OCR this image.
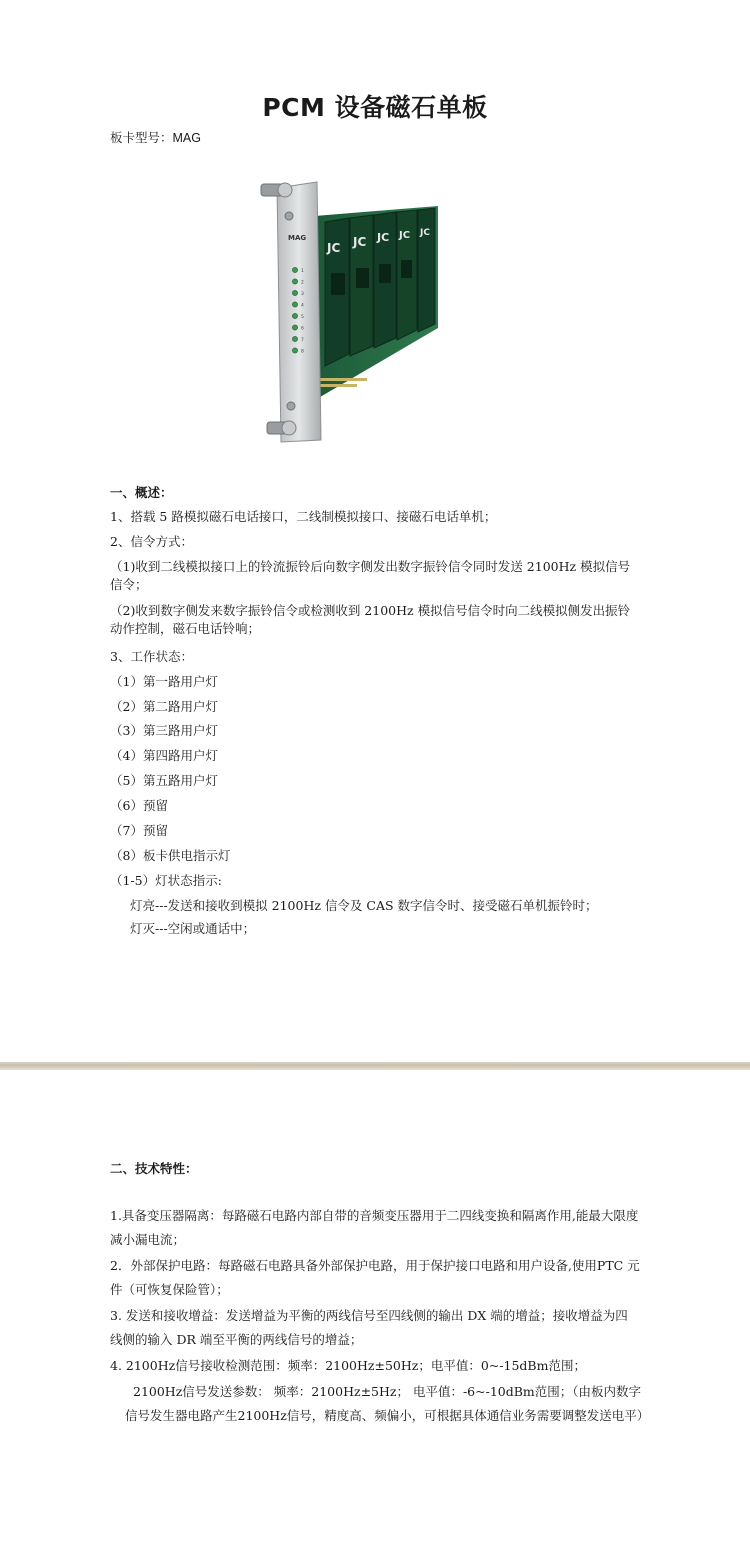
PCM 设备磁石单板
板卡型号：MAG
JC JC JC JC JC
MAG
1
2
3
4
5
6
7
8
一、概述：
1、搭载 5 路模拟磁石电话接口，二线制模拟接口、接磁石电话单机；
2、信令方式：
（1)收到二线模拟接口上的铃流振铃后向数字侧发出数字振铃信令同时发送 2100Hz 模拟信号信令；
（2)收到数字侧发来数字振铃信令或检测收到 2100Hz 模拟信号信令时向二线模拟侧发出振铃动作控制，磁石电话铃响；
3、工作状态：
（1）第一路用户灯
（2）第二路用户灯
（3）第三路用户灯
（4）第四路用户灯
（5）第五路用户灯
（6）预留
（7）预留
（8）板卡供电指示灯
（1-5）灯状态指示:
灯亮---发送和接收到模拟 2100Hz 信令及 CAS 数字信令时、接受磁石单机振铃时；
灯灭---空闲或通话中；
二、技术特性：
1.具备变压器隔离：每路磁石电路内部自带的音频变压器用于二四线变换和隔离作用,能最大限度减小漏电流；
2．外部保护电路：每路磁石电路具备外部保护电路，用于保护接口电路和用户设备,使用PTC 元件（可恢复保险管）；
3. 发送和接收增益：发送增益为平衡的两线信号至四线侧的输出 DX 端的增益；接收增益为四线侧的输入 DR 端至平衡的两线信号的增益；
4. 2100Hz信号接收检测范围：频率：2100Hz±50Hz；电平值：0~-15dBm范围；
2100Hz信号发送参数： 频率：2100Hz±5Hz； 电平值：-6~-10dBm范围；（由板内数字信号发生器电路产生2100Hz信号，精度高、频偏小，可根据具体通信业务需要调整发送电平）
